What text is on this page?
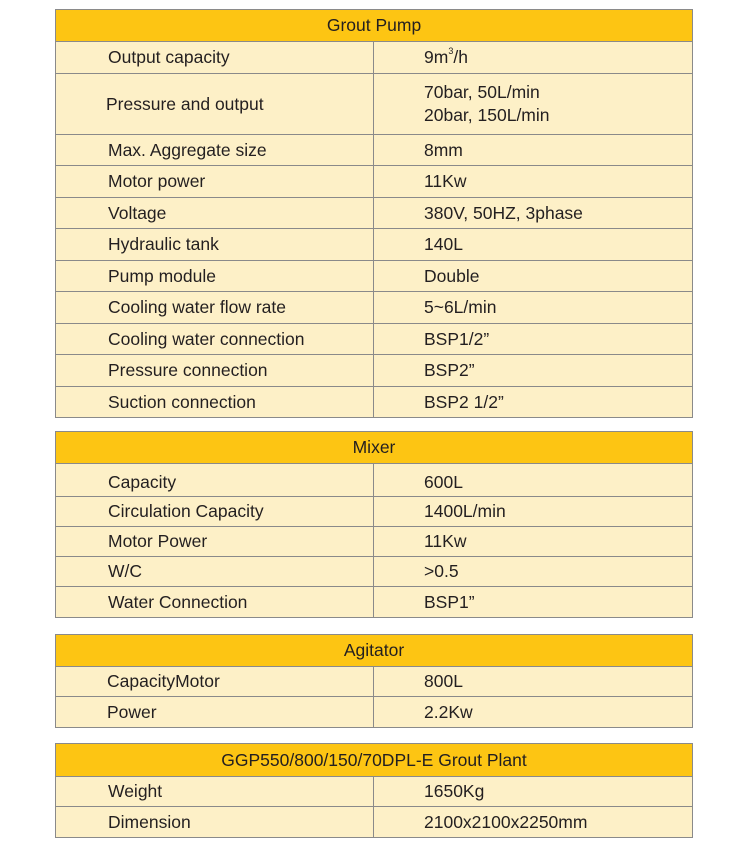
Grout Pump	
Output capacity	$9m^3/h$
Pressure and output	70bar, 50L/min
20bar, 150L/min

Max. Aggregate size	8mm
Motor power	11Kw
Voltage	380V, 50HZ, 3phase
Hydraulic tank	140L
Pump module	Double
Cooling water flow rate	5~6L/min
Cooling water connection	BSP1/2”
Pressure connection	BSP2”
Suction connection	BSP2 1/2”
Mixer	
Capacity	600L
Circulation Capacity	1400L/min
Motor Power	11Kw
W/C	>0.5
Water Connection	BSP1”
Agitator	
CapacityMotor	800L
Power	2.2Kw
GGP550/800/150/70DPL-E Grout Plant	
Weight	1650Kg
Dimension	2100x2100x2250mm
